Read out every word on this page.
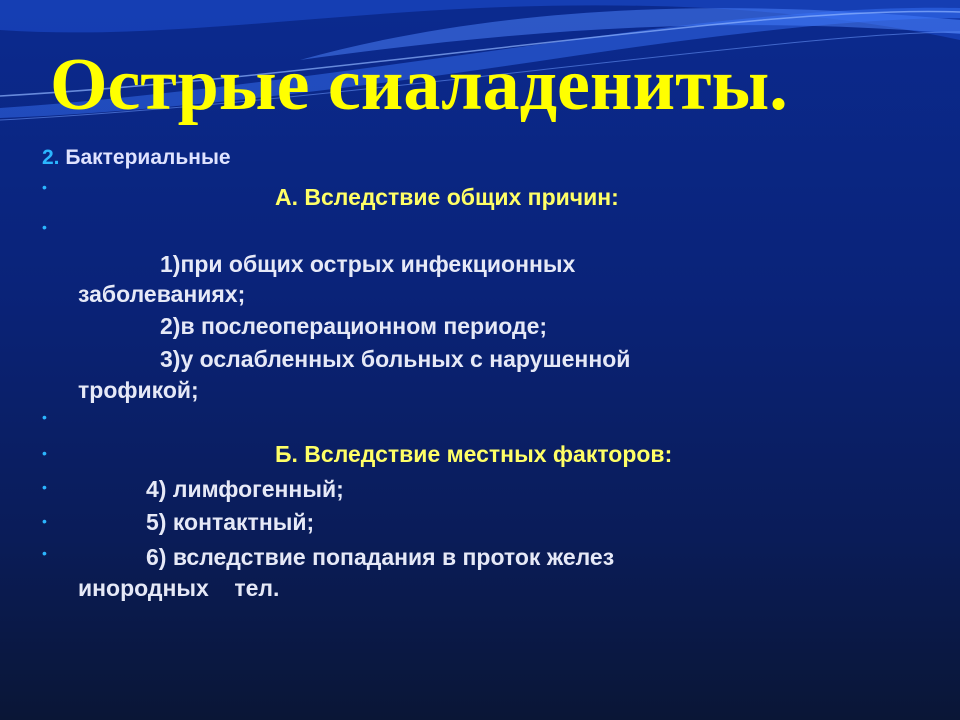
Острые сиаладениты.
2. Бактериальные
•
•
•
•
•
•
•
А. Вследствие общих причин:
1)при общих острых инфекционных
заболеваниях;
2)в послеоперационном периоде;
3)у ослабленных больных с нарушенной
трофикой;
Б. Вследствие местных факторов:
4) лимфогенный;
5) контактный;
6) вследствие попадания в проток желез
инородных    тел.
